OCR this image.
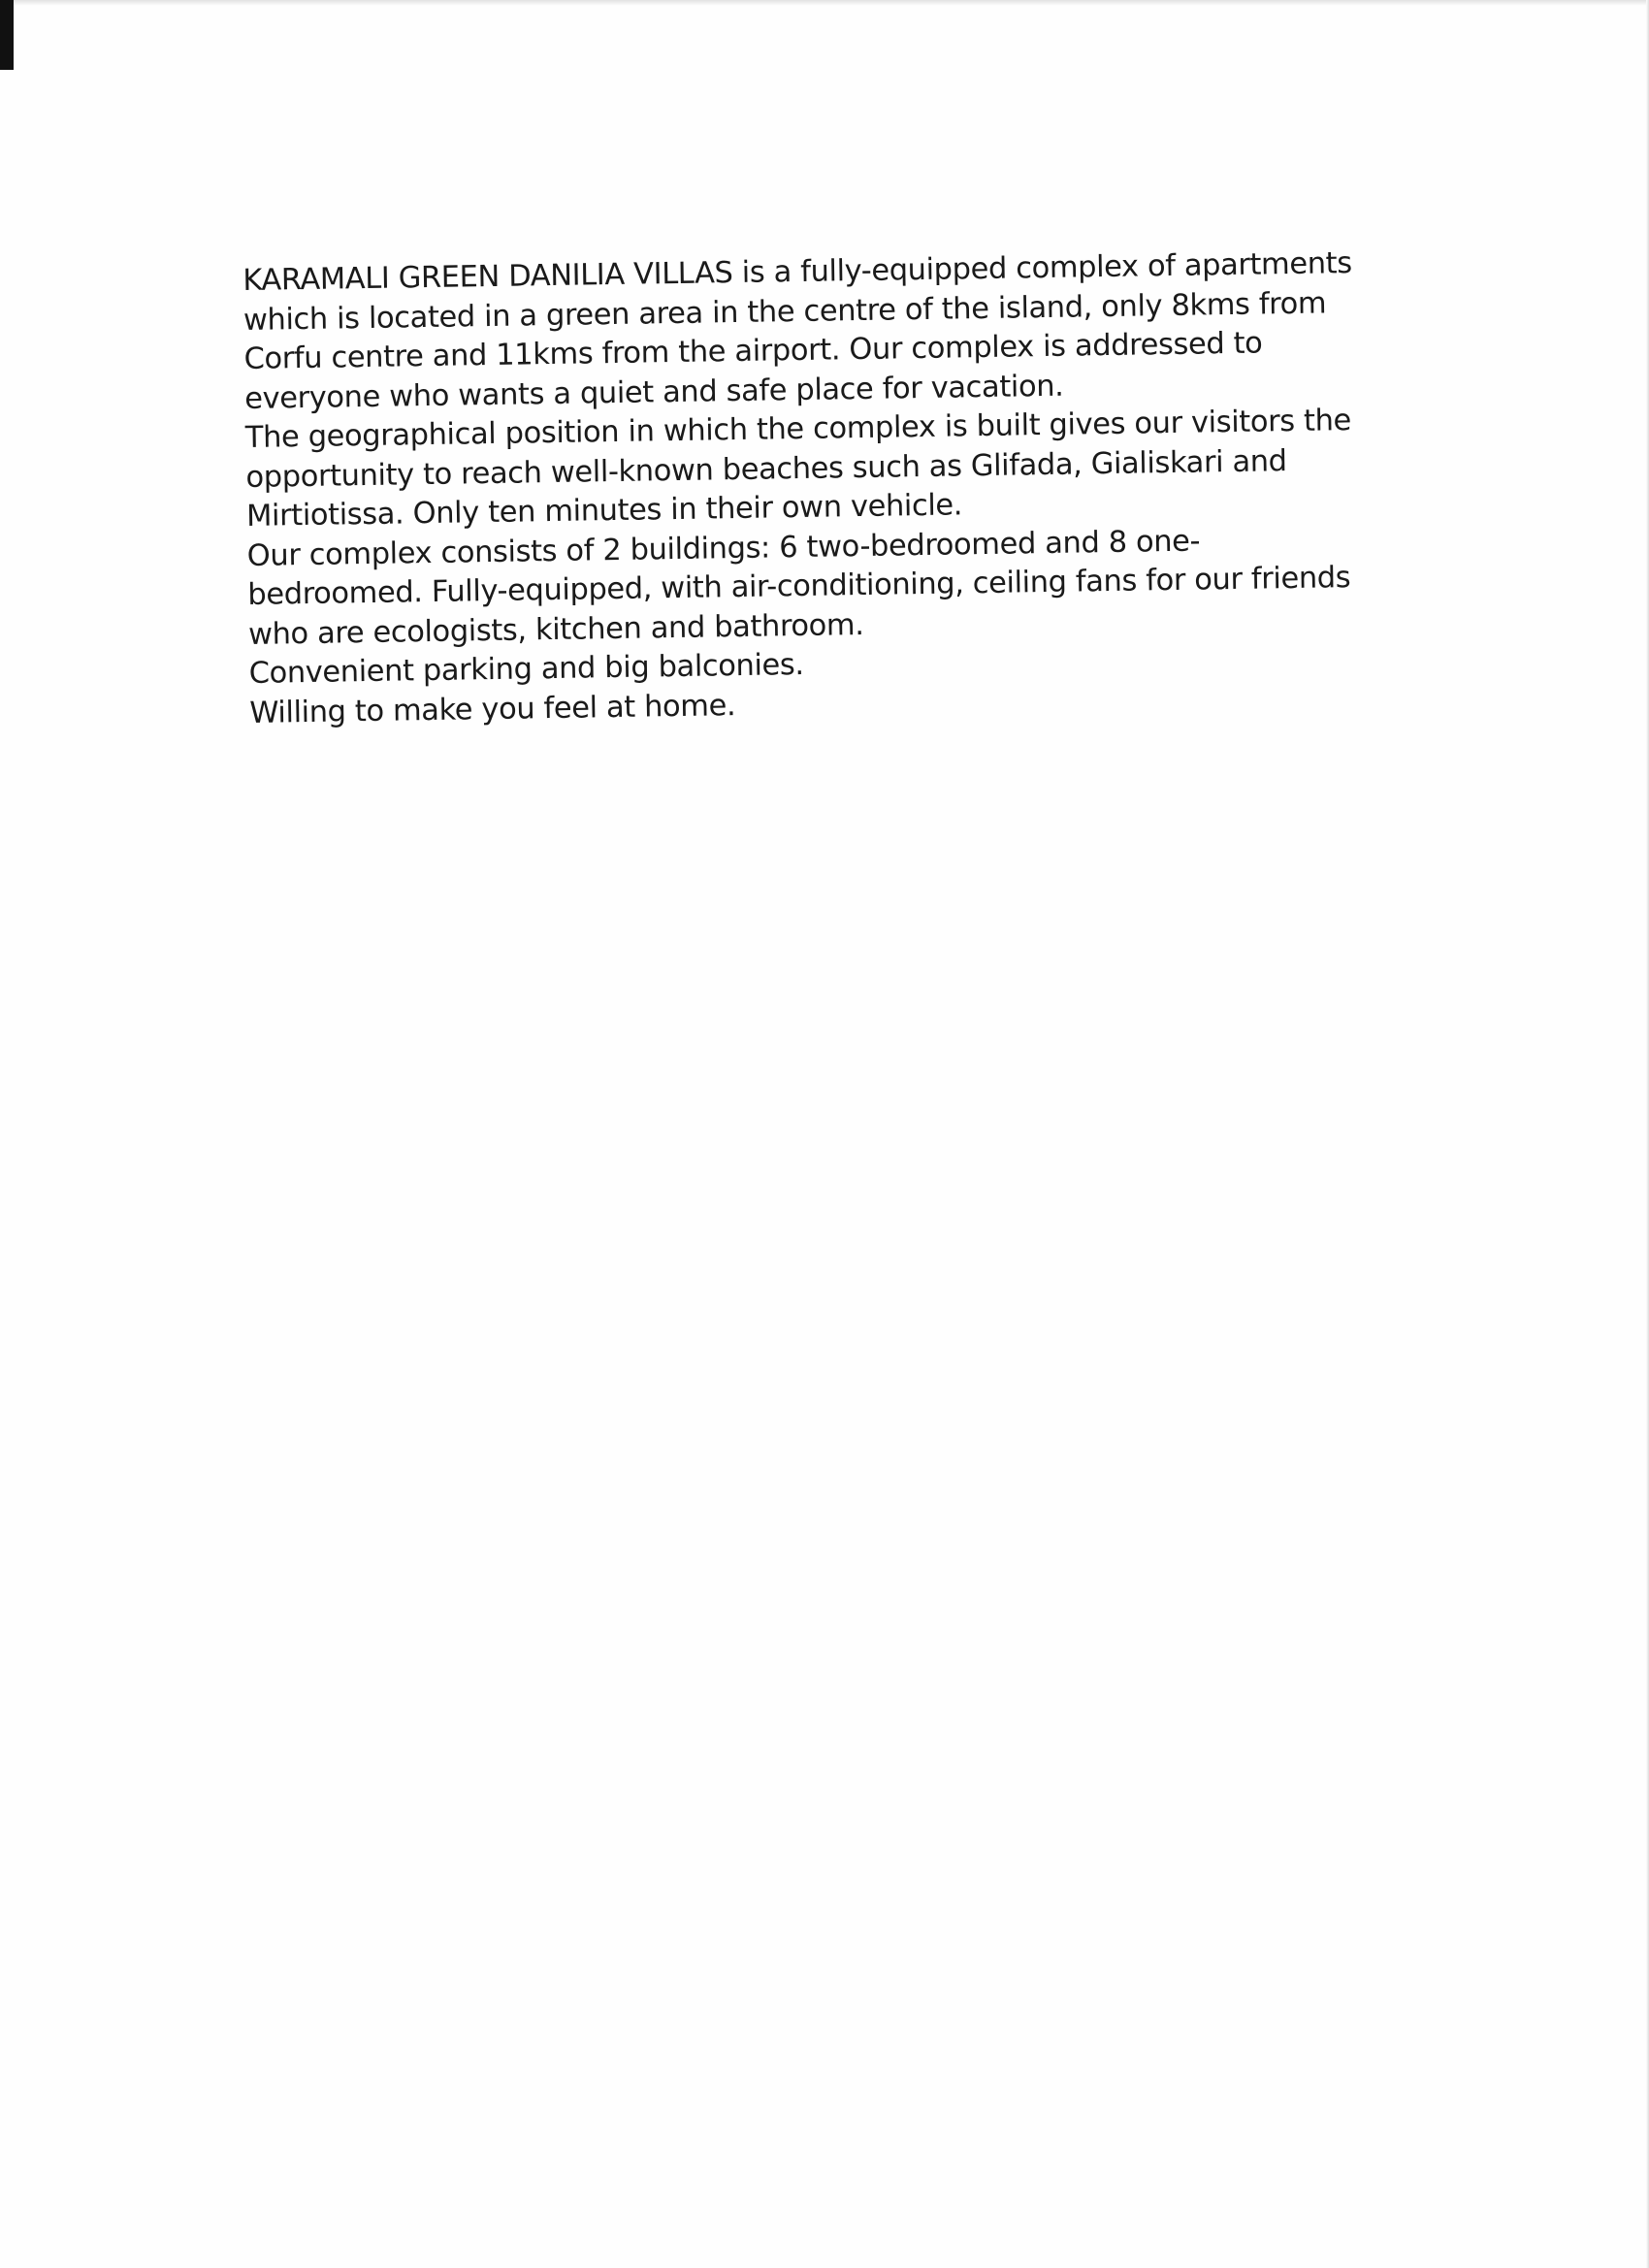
KARAMALI GREEN DANILIA VILLAS is a fully-equipped complex of apartments
which is located in a green area in the centre of the island, only 8kms from
Corfu centre and 11kms from the airport. Our complex is addressed to
everyone who wants a quiet and safe place for vacation.
The geographical position in which the complex is built gives our visitors the
opportunity to reach well-known beaches such as Glifada, Gialiskari and
Mirtiotissa. Only ten minutes in their own vehicle.
Our complex consists of 2 buildings: 6 two-bedroomed and 8 one-
bedroomed. Fully-equipped, with air-conditioning, ceiling fans for our friends
who are ecologists, kitchen and bathroom.
Convenient parking and big balconies.
Willing to make you feel at home.
